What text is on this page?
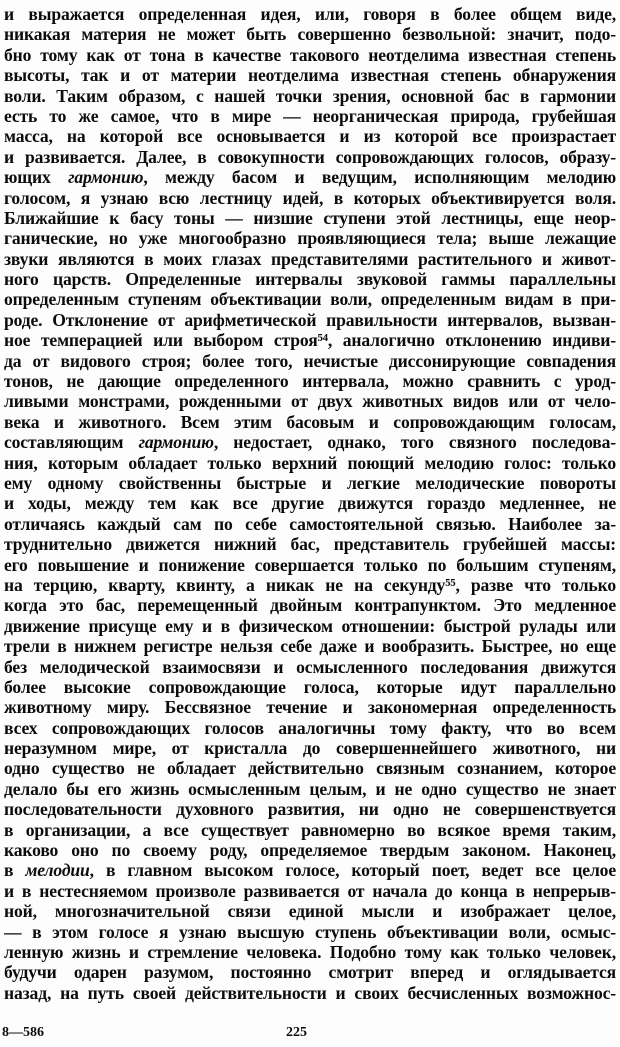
и выражается определенная идея, или, говоря в более общем виде,
никакая материя не может быть совершенно безвольной: значит, подо-
бно тому как от тона в качестве такового неотделима известная степень
высоты, так и от материи неотделима известная степень обнаружения
воли. Таким образом, с нашей точки зрения, основной бас в гармонии
есть то же самое, что в мире — неорганическая природа, грубейшая
масса, на которой все основывается и из которой все произрастает
и развивается. Далее, в совокупности сопровождающих голосов, образу-
ющих гармонию, между басом и ведущим, исполняющим мелодию
голосом, я узнаю всю лестницу идей, в которых объективируется воля.
Ближайшие к басу тоны — низшие ступени этой лестницы, еще неор-
ганические, но уже многообразно проявляющиеся тела; выше лежащие
звуки являются в моих глазах представителями растительного и живот-
ного царств. Определенные интервалы звуковой гаммы параллельны
определенным ступеням объективации воли, определенным видам в при-
роде. Отклонение от арифметической правильности интервалов, вызван-
ное темперацией или выбором строя⁵⁴, аналогично отклонению индиви-
да от видового строя; более того, нечистые диссонирующие совпадения
тонов, не дающие определенного интервала, можно сравнить с урод-
ливыми монстрами, рожденными от двух животных видов или от чело-
века и животного. Всем этим басовым и сопровождающим голосам,
составляющим гармонию, недостает, однако, того связного последова-
ния, которым обладает только верхний поющий мелодию голос: только
ему одному свойственны быстрые и легкие мелодические повороты
и ходы, между тем как все другие движутся гораздо медленнее, не
отличаясь каждый сам по себе самостоятельной связью. Наиболее за-
труднительно движется нижний бас, представитель грубейшей массы:
его повышение и понижение совершается только по большим ступеням,
на терцию, кварту, квинту, а никак не на секунду⁵⁵, разве что только
когда это бас, перемещенный двойным контрапунктом. Это медленное
движение присуще ему и в физическом отношении: быстрой рулады или
трели в нижнем регистре нельзя себе даже и вообразить. Быстрее, но еще
без мелодической взаимосвязи и осмысленного последования движутся
более высокие сопровождающие голоса, которые идут параллельно
животному миру. Бессвязное течение и закономерная определенность
всех сопровождающих голосов аналогичны тому факту, что во всем
неразумном мире, от кристалла до совершеннейшего животного, ни
одно существо не обладает действительно связным сознанием, которое
делало бы его жизнь осмысленным целым, и не одно существо не знает
последовательности духовного развития, ни одно не совершенствуется
в организации, а все существует равномерно во всякое время таким,
каково оно по своему роду, определяемое твердым законом. Наконец,
в мелодии, в главном высоком голосе, который поет, ведет все целое
и в нестесняемом произволе развивается от начала до конца в непрерыв-
ной, многозначительной связи единой мысли и изображает целое,
— в этом голосе я узнаю высшую ступень объективации воли, осмыс-
ленную жизнь и стремление человека. Подобно тому как только человек,
будучи одарен разумом, постоянно смотрит вперед и оглядывается
назад, на путь своей действительности и своих бесчисленных возможнос-
8—586	225
